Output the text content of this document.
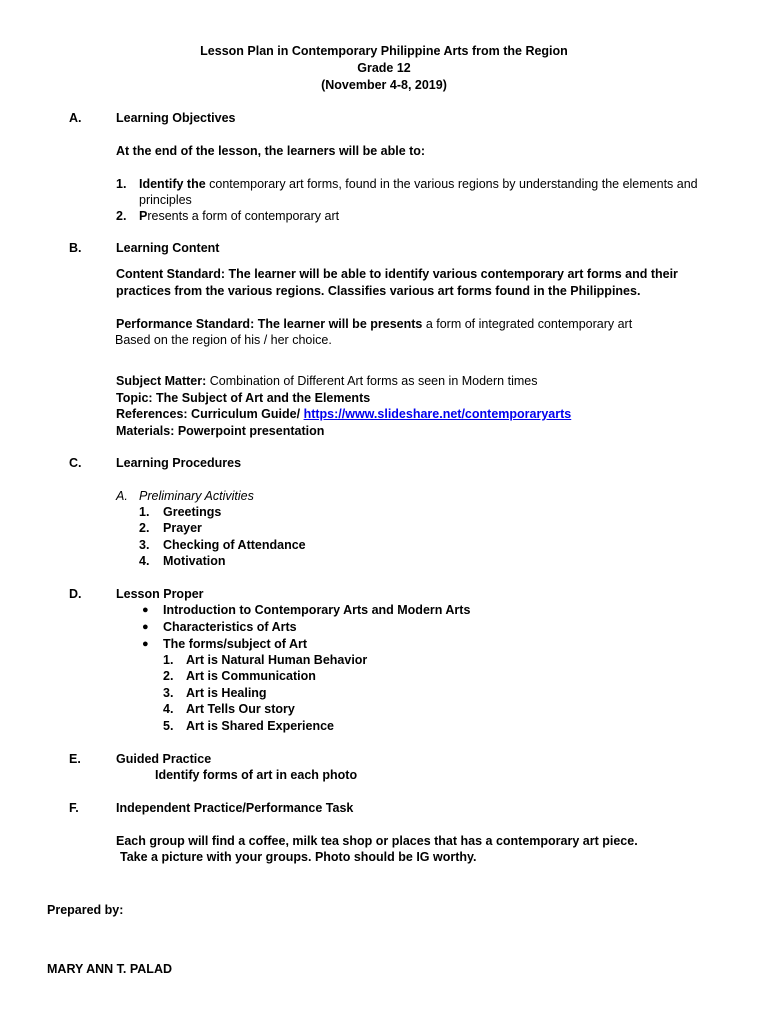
Lesson Plan in Contemporary Philippine Arts from the Region
Grade 12
(November 4-8, 2019)
A.	Learning Objectives
At the end of the lesson, the learners will be able to:
1.	Identify the contemporary art forms, found in the various regions by understanding the elements and
principles
2.	Presents a form of contemporary art
B.	Learning Content
Content Standard: The learner will be able to identify various contemporary art forms and their
practices from the various regions. Classifies various art forms found in the Philippines.
Performance Standard: The learner will be presents a form of integrated contemporary art
Based on the region of his / her choice.
Subject Matter: Combination of Different Art forms as seen in Modern times
Topic: The Subject of Art and the Elements
References: Curriculum Guide/ https://www.slideshare.net/contemporaryarts
Materials: Powerpoint presentation
C.	Learning Procedures
A. Preliminary Activities
1.	Greetings
2.	Prayer
3.	Checking of Attendance
4.	Motivation
D.	Lesson Proper
● Introduction to Contemporary Arts and Modern Arts
● Characteristics of Arts
● The forms/subject of Art
1.	Art is Natural Human Behavior
2.	Art is Communication
3.	Art is Healing
4.	Art Tells Our story
5.	Art is Shared Experience
E.	Guided Practice
Identify forms of art in each photo
F.	Independent Practice/Performance Task
Each group will find a coffee, milk tea shop or places that has a contemporary art piece.
Take a picture with your groups. Photo should be IG worthy.
Prepared by:
MARY ANN T. PALAD
